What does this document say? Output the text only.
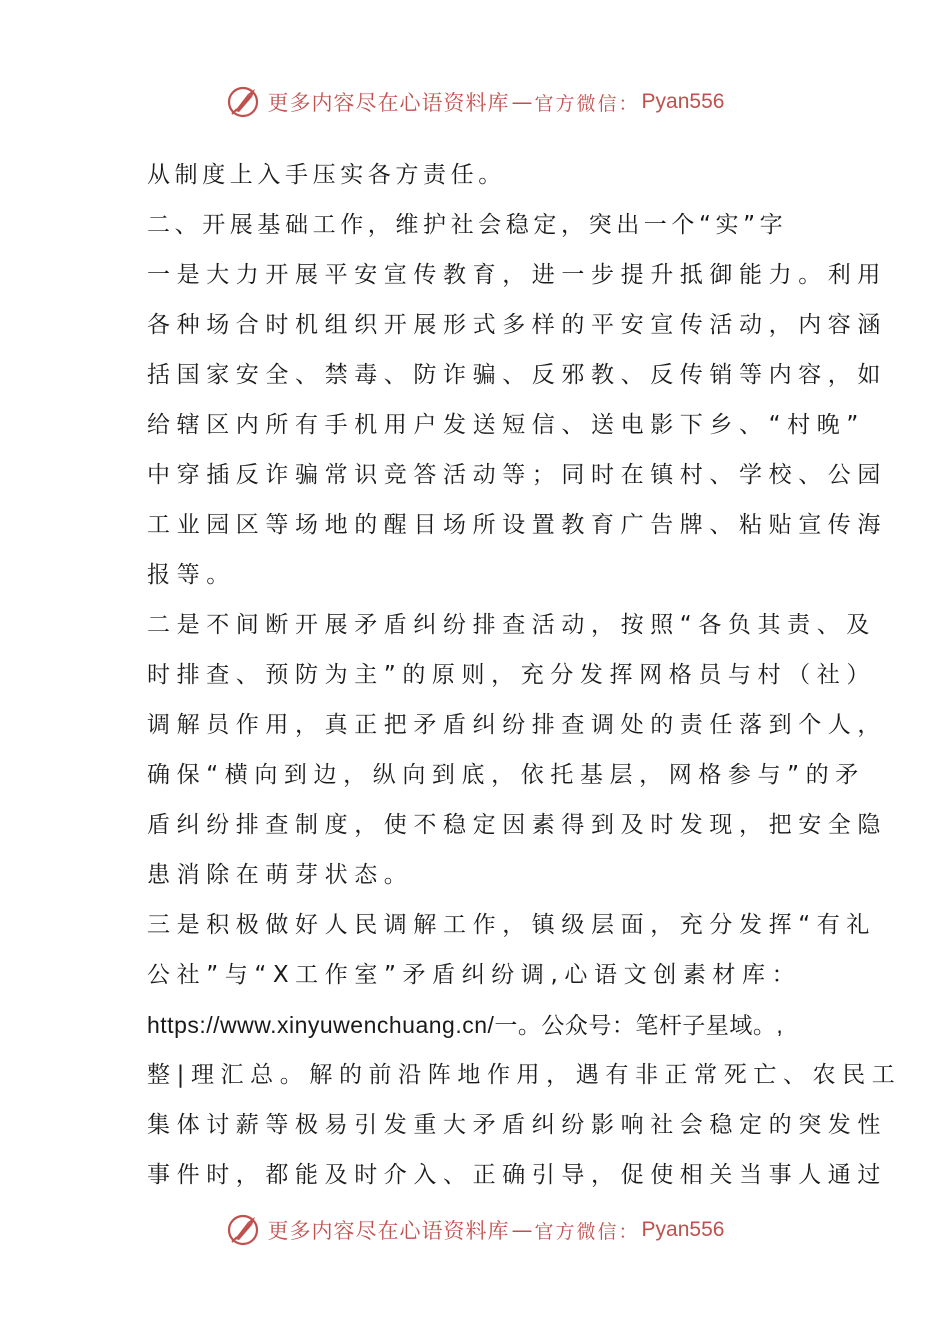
更多内容尽在心语资料库 — 官方微信： Pyan556
从制度上入手压实各方责任。
二、开展基础工作，维护社会稳定，突出一个“实”字
一是大力开展平安宣传教育，进一步提升抵御能力。利用
各种场合时机组织开展形式多样的平安宣传活动，内容涵
括国家安全、禁毒、防诈骗、反邪教、反传销等内容，如
给辖区内所有手机用户发送短信、送电影下乡、“村晚”
中穿插反诈骗常识竞答活动等；同时在镇村、学校、公园
工业园区等场地的醒目场所设置教育广告牌、粘贴宣传海
报等。
二是不间断开展矛盾纠纷排查活动，按照“各负其责、及
时排查、预防为主”的原则，充分发挥网格员与村（社）
调解员作用，真正把矛盾纠纷排查调处的责任落到个人，
确保“横向到边，纵向到底，依托基层，网格参与”的矛
盾纠纷排查制度，使不稳定因素得到及时发现，把安全隐
患消除在萌芽状态。
三是积极做好人民调解工作，镇级层面，充分发挥“有礼
公社”与“X工作室”矛盾纠纷调,心语文创素材库：
https://www.xinyuwenchuang.cn/一。公众号：笔杆子星域。,
整|理汇总。解的前沿阵地作用，遇有非正常死亡、农民工
集体讨薪等极易引发重大矛盾纠纷影响社会稳定的突发性
事件时，都能及时介入、正确引导，促使相关当事人通过
更多内容尽在心语资料库 — 官方微信： Pyan556
